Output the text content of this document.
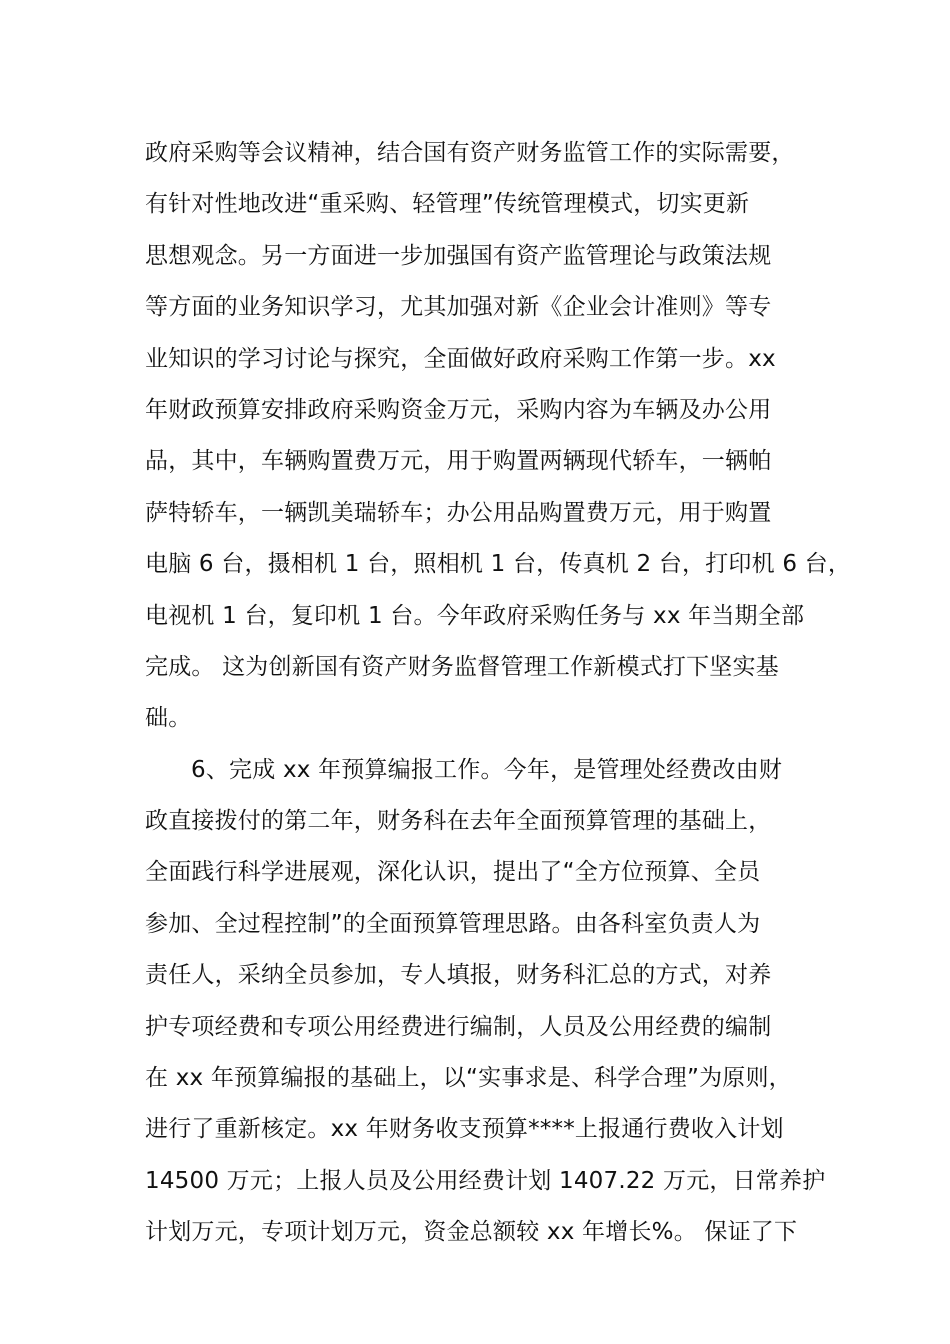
政府采购等会议精神，结合国有资产财务监管工作的实际需要，
有针对性地改进“重采购、轻管理”传统管理模式，切实更新
思想观念。另一方面进一步加强国有资产监管理论与政策法规
等方面的业务知识学习，尤其加强对新《企业会计准则》等专
业知识的学习讨论与探究，全面做好政府采购工作第一步。xx
年财政预算安排政府采购资金万元，采购内容为车辆及办公用
品，其中，车辆购置费万元，用于购置两辆现代轿车，一辆帕
萨特轿车，一辆凯美瑞轿车；办公用品购置费万元，用于购置
电脑 6 台，摄相机 1 台，照相机 1 台，传真机 2 台，打印机 6 台，
电视机 1 台，复印机 1 台。今年政府采购任务与 xx 年当期全部
完成。 这为创新国有资产财务监督管理工作新模式打下坚实基
础。
6、完成 xx 年预算编报工作。今年，是管理处经费改由财
政直接拨付的第二年，财务科在去年全面预算管理的基础上，
全面践行科学进展观，深化认识，提出了“全方位预算、全员
参加、全过程控制”的全面预算管理思路。由各科室负责人为
责任人，采纳全员参加，专人填报，财务科汇总的方式，对养
护专项经费和专项公用经费进行编制，人员及公用经费的编制
在 xx 年预算编报的基础上，以“实事求是、科学合理”为原则，
进行了重新核定。xx 年财务收支预算****上报通行费收入计划
14500 万元；上报人员及公用经费计划 1407.22 万元，日常养护
计划万元，专项计划万元，资金总额较 xx 年增长%。 保证了下
